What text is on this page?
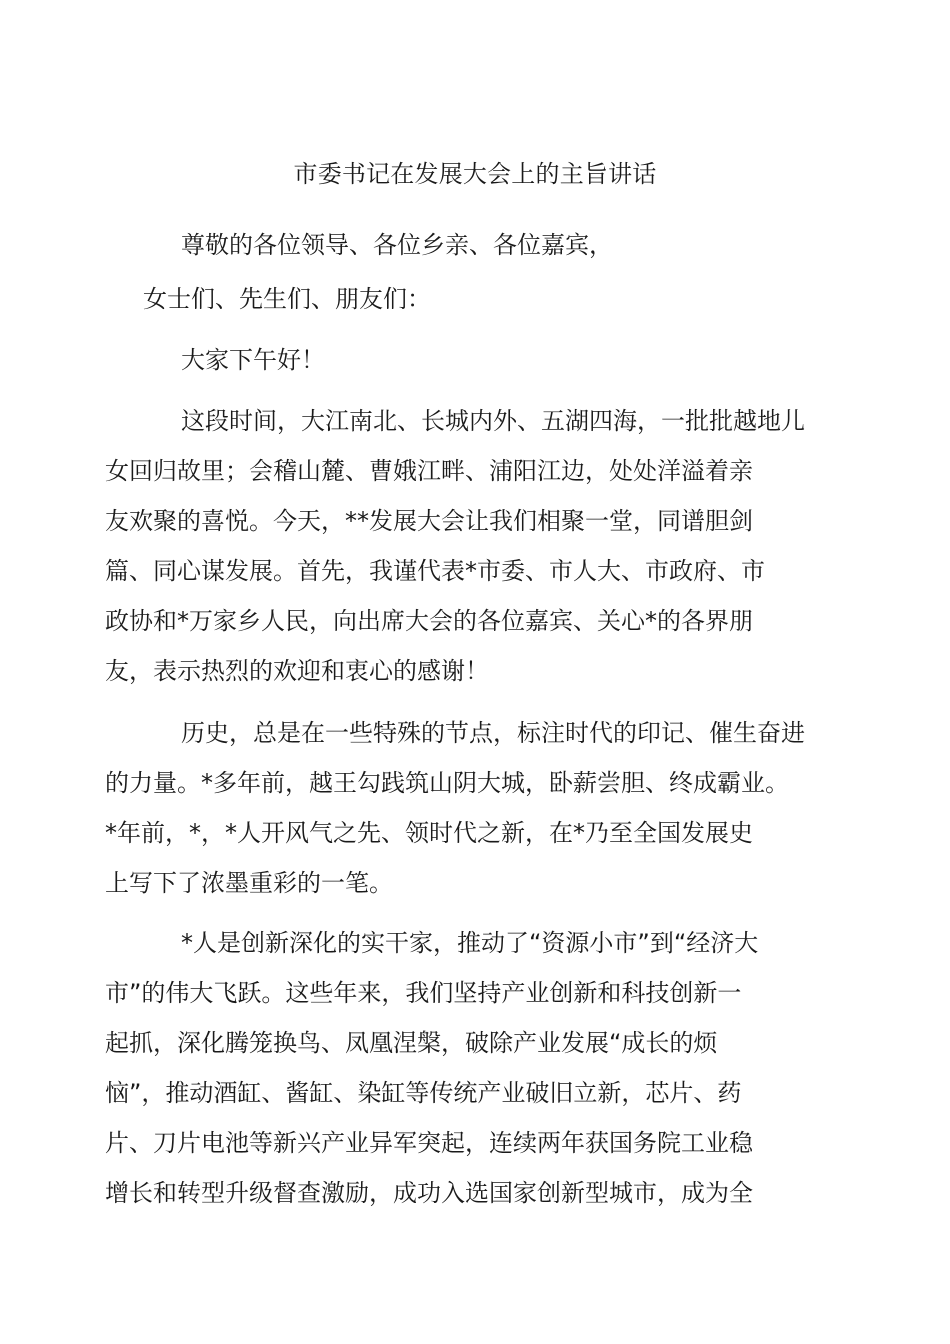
市委书记在发展大会上的主旨讲话

尊敬的各位领导、各位乡亲、各位嘉宾，

女士们、先生们、朋友们：

大家下午好！

这段时间，大江南北、长城内外、五湖四海，一批批越地儿
女回归故里；会稽山麓、曹娥江畔、浦阳江边，处处洋溢着亲
友欢聚的喜悦。今天，**发展大会让我们相聚一堂，同谱胆剑
篇、同心谋发展。首先，我谨代表*市委、市人大、市政府、市
政协和*万家乡人民，向出席大会的各位嘉宾、关心*的各界朋
友，表示热烈的欢迎和衷心的感谢！

历史，总是在一些特殊的节点，标注时代的印记、催生奋进
的力量。*多年前，越王勾践筑山阴大城，卧薪尝胆、终成霸业。
*年前，*，*人开风气之先、领时代之新，在*乃至全国发展史
上写下了浓墨重彩的一笔。

*人是创新深化的实干家，推动了“资源小市”到“经济大
市”的伟大飞跃。这些年来，我们坚持产业创新和科技创新一
起抓，深化腾笼换鸟、凤凰涅槃，破除产业发展“成长的烦
恼”，推动酒缸、酱缸、染缸等传统产业破旧立新，芯片、药
片、刀片电池等新兴产业异军突起，连续两年获国务院工业稳
增长和转型升级督查激励，成功入选国家创新型城市，成为全
